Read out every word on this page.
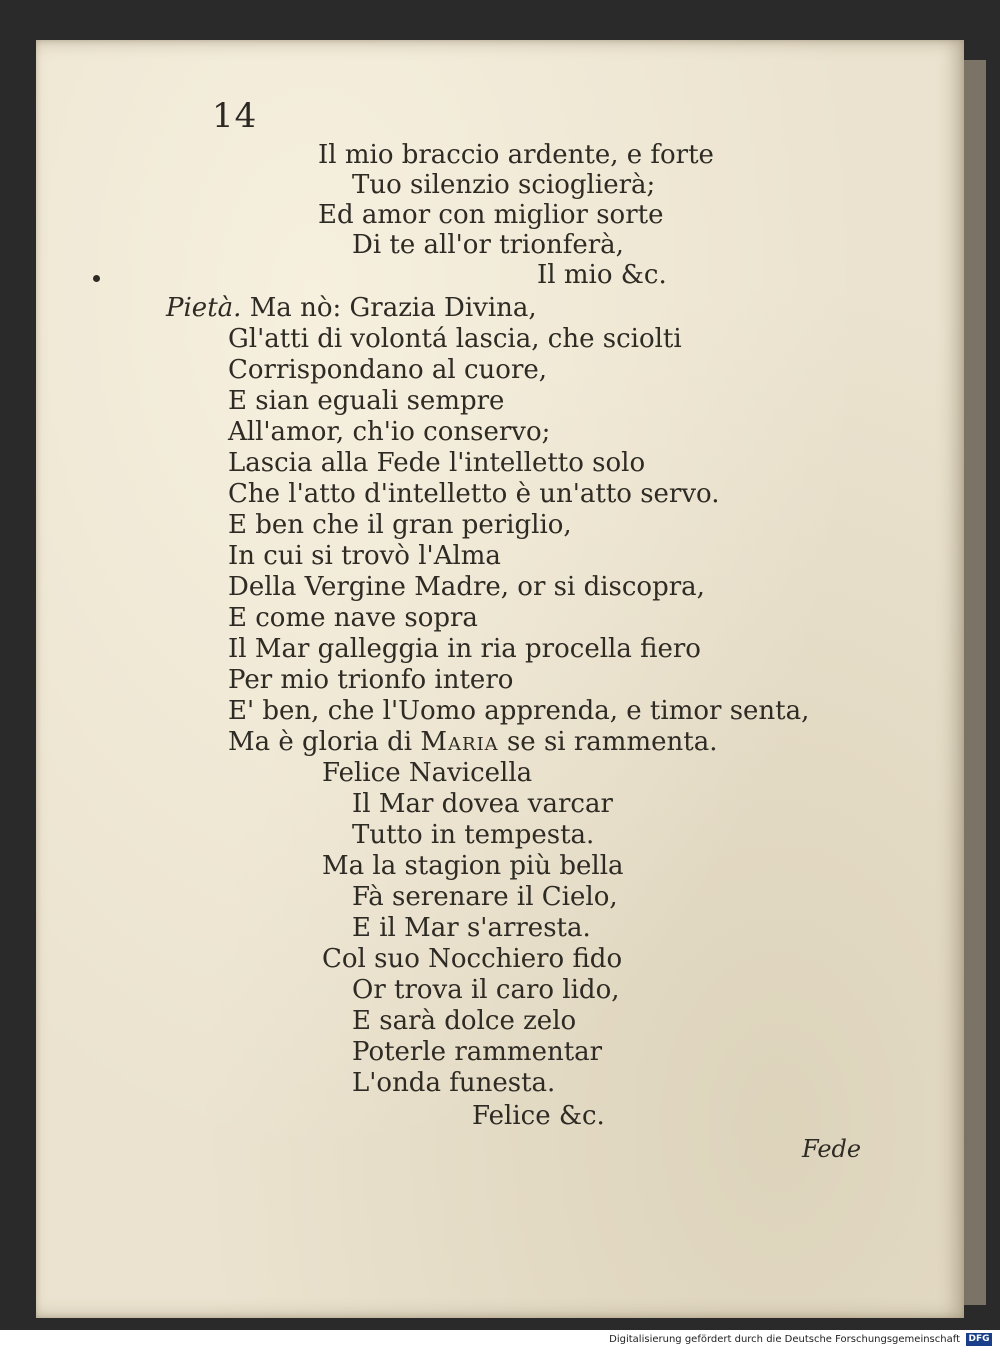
14
Il mio braccio ardente, e forte
Tuo silenzio scioglierà;
Ed amor con miglior sorte
Di te all'or trionferà,
Il mio &c.
Pietà. Ma nò: Grazia Divina,
Gl'atti di volontá lascia, che sciolti
Corrispondano al cuore,
E sian eguali sempre
All'amor, ch'io conservo;
Lascia alla Fede l'intelletto solo
Che l'atto d'intelletto è un'atto servo.
E ben che il gran periglio,
In cui si trovò l'Alma
Della Vergine Madre, or si discopra,
E come nave sopra
Il Mar galleggia in ria procella fiero
Per mio trionfo intero
E' ben, che l'Uomo apprenda, e timor senta,
Ma è gloria di Maria se si rammenta.
Felice Navicella
Il Mar dovea varcar
Tutto in tempesta.
Ma la stagion più bella
Fà serenare il Cielo,
E il Mar s'arresta.
Col suo Nocchiero fido
Or trova il caro lido,
E sarà dolce zelo
Poterle rammentar
L'onda funesta.
Felice &c.
Fede
Digitalisierung gefördert durch die Deutsche Forschungsgemeinschaft DFG
